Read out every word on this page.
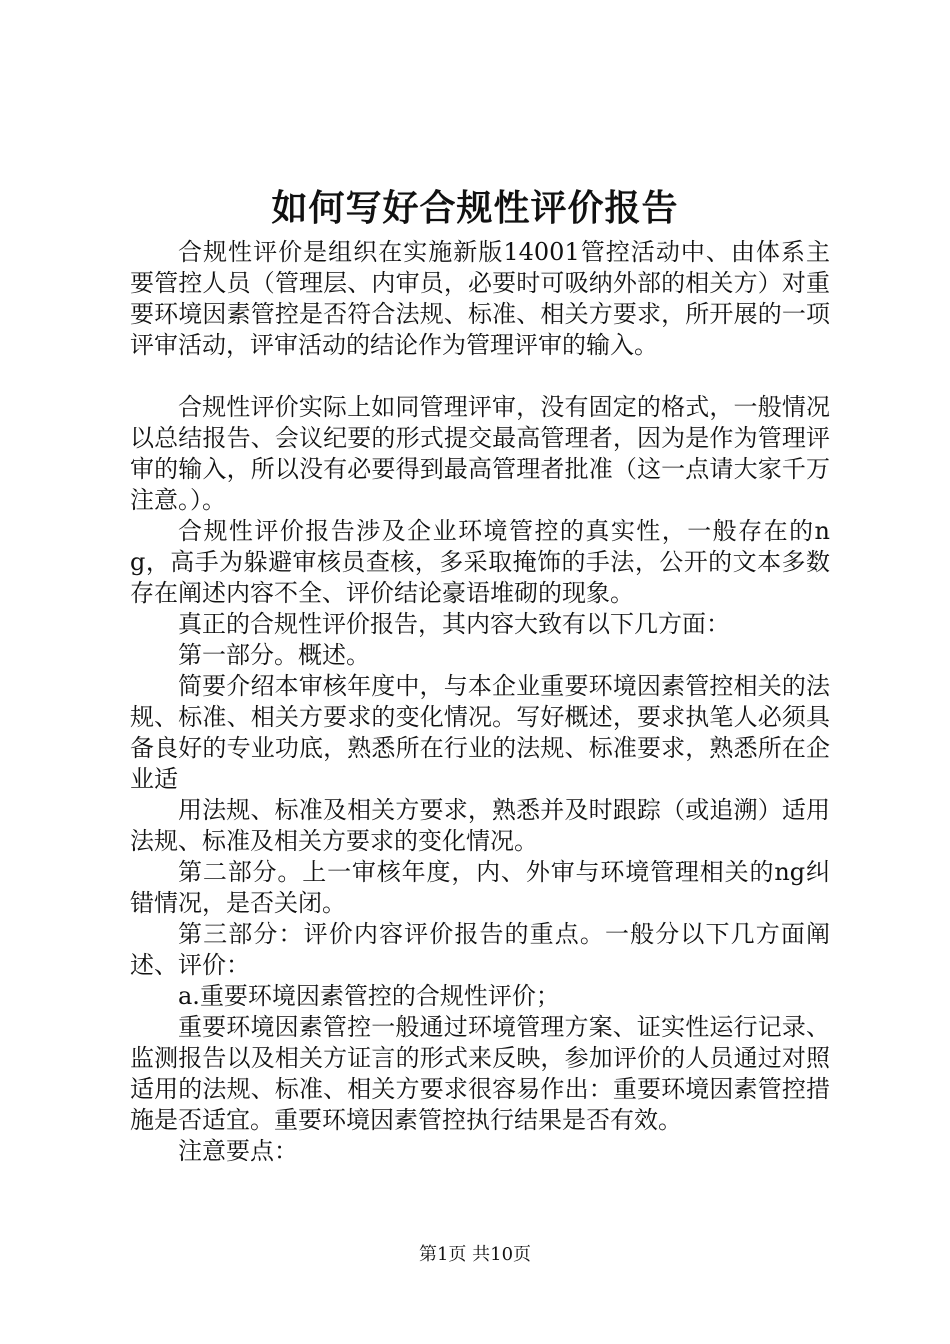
如何写好合规性评价报告

合规性评价是组织在实施新版14001管控活动中、由体系主要管控人员（管理层、内审员，必要时可吸纳外部的相关方）对重要环境因素管控是否符合法规、标准、相关方要求，所开展的一项评审活动，评审活动的结论作为管理评审的输入。

合规性评价实际上如同管理评审，没有固定的格式，一般情况以总结报告、会议纪要的形式提交最高管理者，因为是作为管理评审的输入，所以没有必要得到最高管理者批准（这一点请大家千万注意。）。

合规性评价报告涉及企业环境管控的真实性，一般存在的ng，高手为躲避审核员查核，多采取掩饰的手法，公开的文本多数存在阐述内容不全、评价结论豪语堆砌的现象。

真正的合规性评价报告，其内容大致有以下几方面：

第一部分。概述。

简要介绍本审核年度中，与本企业重要环境因素管控相关的法规、标准、相关方要求的变化情况。写好概述，要求执笔人必须具备良好的专业功底，熟悉所在行业的法规、标准要求，熟悉所在企业适

用法规、标准及相关方要求，熟悉并及时跟踪（或追溯）适用法规、标准及相关方要求的变化情况。

第二部分。上一审核年度，内、外审与环境管理相关的ng纠错情况，是否关闭。

第三部分：评价内容评价报告的重点。一般分以下几方面阐述、评价：

a.重要环境因素管控的合规性评价；

重要环境因素管控一般通过环境管理方案、证实性运行记录、监测报告以及相关方证言的形式来反映，参加评价的人员通过对照适用的法规、标准、相关方要求很容易作出：重要环境因素管控措施是否适宜。重要环境因素管控执行结果是否有效。

注意要点：

第1页 共10页
